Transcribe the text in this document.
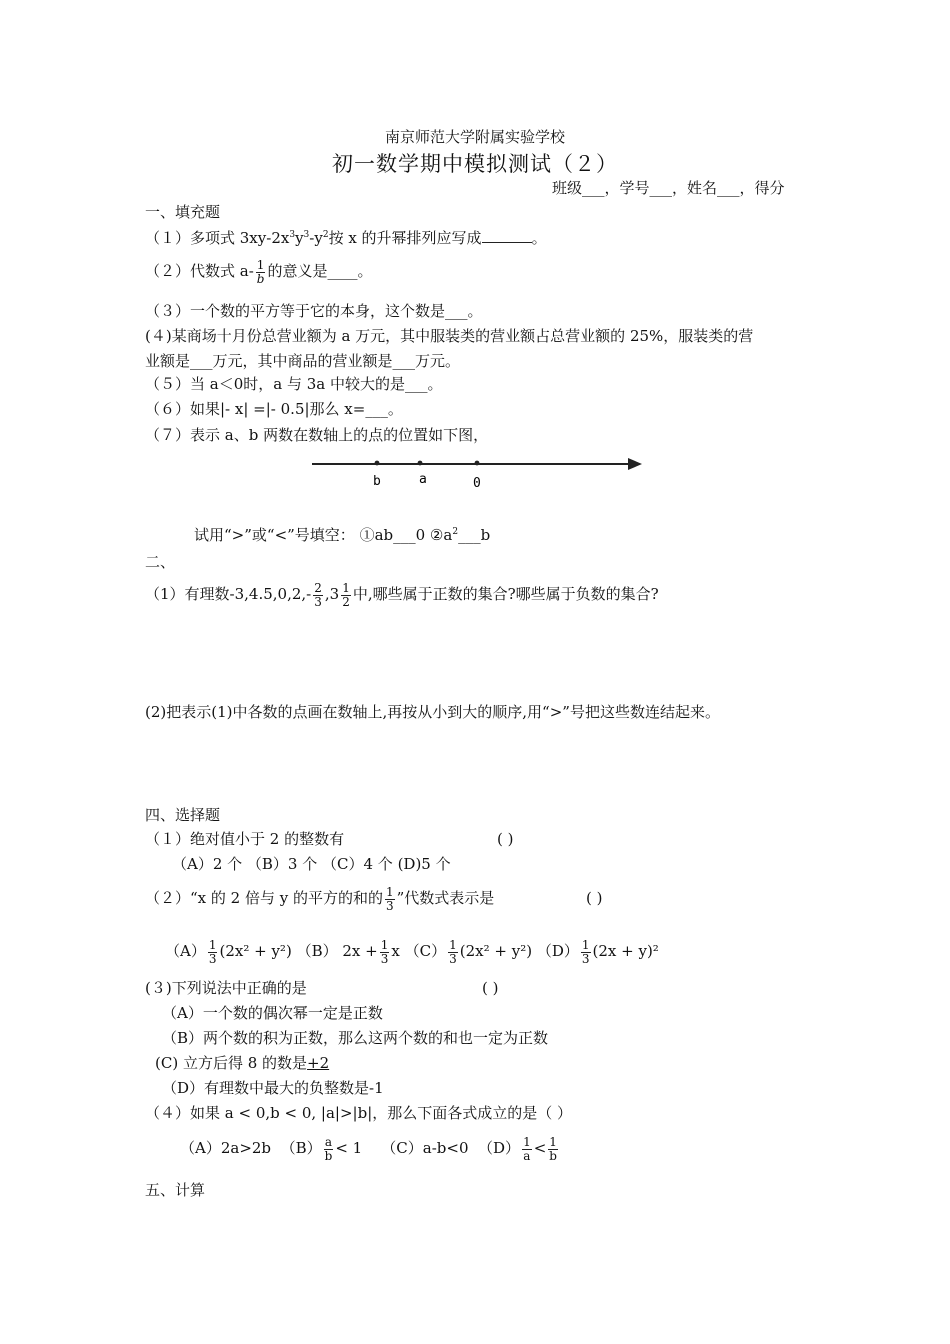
南京师范大学附属实验学校
初一数学期中模拟测试（２）
班级___，学号___，姓名___，得分
一、填充题
（１）多项式 $3xy-2x^3y^3-y^2$按 x 的升幂排列应写成	。
（２）代数式 $a- \frac{1}{b}$ 的意义是____。
（３）一个数的平方等于它的本身，这个数是___。
(４)某商场十月份总营业额为 a 万元，其中服装类的营业额占总营业额的 25%，服装类的营
业额是___万元，其中商品的营业额是___万元。
（５）当 a＜0时，a 与 3a 中较大的是___。
（６）如果|- x| =|- 0.5|那么 x=___。
（７）表示 a、b 两数在数轴上的点的位置如下图，
b	a	0
试用“>”或“<”号填空： ①ab___0 $②a^2\_\_\_b$
二、
（1）有理数$-3,4.5,0,2,- \frac{2}{3} ,3 \frac{1}{2}$ 中,哪些属于正数的集合?哪些属于负数的集合?
(2)把表示(1)中各数的点画在数轴上,再按从小到大的顺序,用“>”号把这些数连结起来。
四、选择题
（１）绝对值小于 2 的整数有	( )
（A）2 个 （B）3 个 （C）4 个 (D)5 个
（２）“x 的 2 倍与 y 的平方的和的 $\frac{1}{3}$ ”代数式表示是	( )
$(A) \frac{1}{3} (2x^2 + y^2)$ （B） $2x + \frac{1}{3}$ x $(C) \frac{1}{3} (2x^2 + y^2)$ $(D) \frac{1}{3} (2x + y)^2$
(３)下列说法中正确的是	( )
（A）一个数的偶次幂一定是正数
（B）两个数的积为正数，那么这两个数的和也一定为正数
(C) 立方后得 8 的数是+2
（D）有理数中最大的负整数是-1
（４）如果 a < 0,b < 0, |a|>|b|，那么下面各式成立的是（ ）
（A）2a>2b $(B) \frac{a}{b} < 1$ （C）a-b<0 $(D) \frac{1}{a} < \frac{1}{b}$
五、计算
